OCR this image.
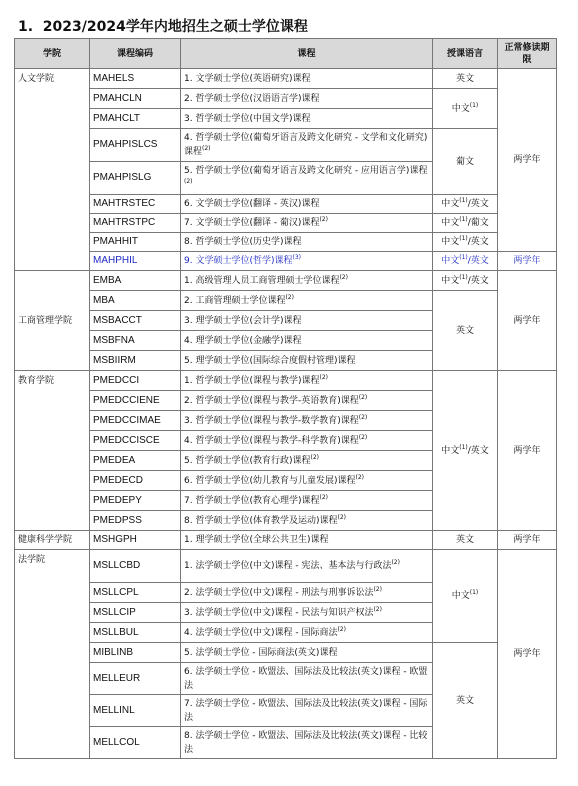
1.  2023/2024学年内地招生之硕士学位课程
学院	课程编码	课程	授课语言	正常修读期限
人文学院	MAHELS	1. 文学硕士学位(英语研究)课程	英文	两学年
	PMAHCLN	2. 哲学硕士学位(汉语语言学)课程	中文$^{(1)}$
	PMAHCLT	3. 哲学硕士学位(中国文学)课程		
	PMAHPISLCS	4. 哲学硕士学位(葡萄牙语言及跨文化研究 - 文学和文化研究)课程$^{(2)}$	葡文	
	PMAHPISLG	5. 哲学硕士学位(葡萄牙语言及跨文化研究 - 应用语言学)课程$^{(2)}$
	MAHTRSTEC	6. 文学硕士学位(翻译 - 英汉)课程	中文$^{(1)}$/英文	
	MAHTRSTPC	7. 文学硕士学位(翻译 - 葡汉)课程$^{(2)}$	中文$^{(1)}$/葡文	
	PMAHHIT	8. 哲学硕士学位(历史学)课程	中文$^{(1)}$/英文	
	MAHPHIL	9. 文学硕士学位(哲学)课程$^{(3)}$	中文$^{(1)}$/英文	两学年
工商管理学院	EMBA	1. 高级管理人员工商管理硕士学位课程$^{(2)}$	中文$^{(1)}$/英文	两学年
	MBA	2. 工商管理硕士学位课程$^{(2)}$	英文	
	MSBACCT	3. 理学硕士学位(会计学)课程		
	MSBFNA	4. 理学硕士学位(金融学)课程		
	MSBIIRM	5. 理学硕士学位(国际综合度假村管理)课程		
教育学院	PMEDCCI	1. 哲学硕士学位(课程与教学)课程$^{(2)}$	中文$^{(1)}$/英文	两学年
	PMEDCCIENE	2. 哲学硕士学位(课程与教学-英语教育)课程$^{(2)}$
	PMEDCCIMAE	3. 哲学硕士学位(课程与教学-数学教育)课程$^{(2)}$
	PMEDCCISCE	4. 哲学硕士学位(课程与教学-科学教育)课程$^{(2)}$
	PMEDEA	5. 哲学硕士学位(教育行政)课程$^{(2)}$
	PMEDECD	6. 哲学硕士学位(幼儿教育与儿童发展)课程$^{(2)}$
	PMEDEPY	7. 哲学硕士学位(教育心理学)课程$^{(2)}$
	PMEDPSS	8. 哲学硕士学位(体育教学及运动)课程$^{(2)}$
健康科学学院	MSHGPH	1. 理学硕士学位(全球公共卫生)课程	英文	两学年
法学院	MSLLCBD	1. 法学硕士学位(中文)课程 - 宪法、基本法与行政法$^{(2)}$	中文$^{(1)}$	两学年
	MSLLCPL	2. 法学硕士学位(中文)课程 - 刑法与刑事诉讼法$^{(2)}$
	MSLLCIP	3. 法学硕士学位(中文)课程 - 民法与知识产权法$^{(2)}$
	MSLLBUL	4. 法学硕士学位(中文)课程 - 国际商法$^{(2)}$
	MIBLINB	5. 法学硕士学位 - 国际商法(英文)课程	英文	
	MELLEUR	6. 法学硕士学位 - 欧盟法、国际法及比较法(英文)课程 - 欧盟法		
	MELLINL	7. 法学硕士学位 - 欧盟法、国际法及比较法(英文)课程 - 国际法		
	MELLCOL	8. 法学硕士学位 - 欧盟法、国际法及比较法(英文)课程 - 比较法		
